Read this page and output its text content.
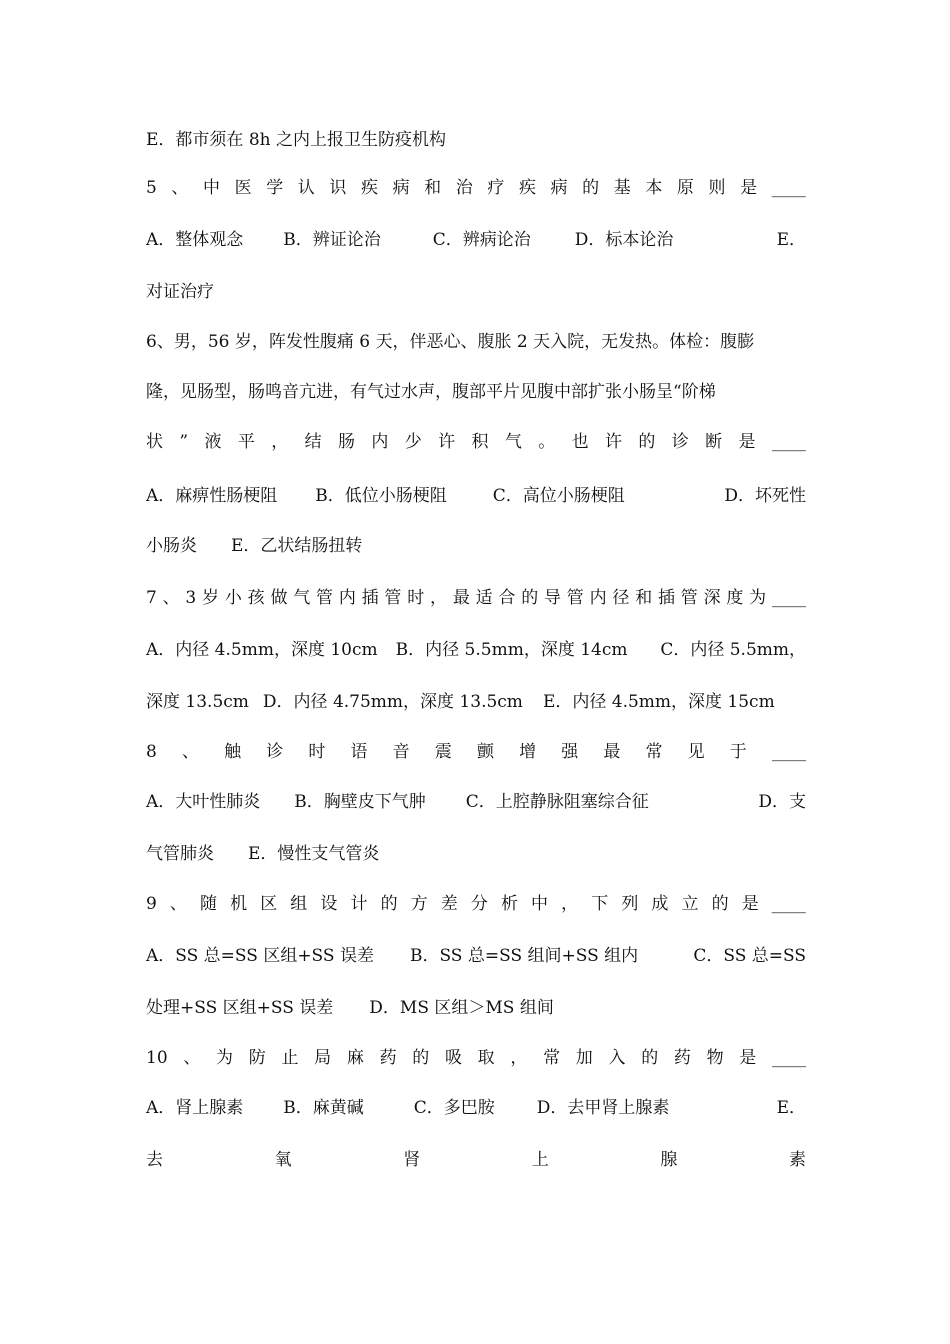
E．都市须在 8h 之内上报卫生防疫机构
5 、 中 医 学 认 识 疾 病 和 治 疗 疾 病 的 基 本 原 则 是 ____
A．整体观念 B．辨证论治	C．辨病论治	D．标本论治	E．
对证治疗
6、男，56 岁，阵发性腹痛 6 天，伴恶心、腹胀 2 天入院，无发热。体检：腹膨
隆，见肠型，肠鸣音亢进，有气过水声，腹部平片见腹中部扩张小肠呈“阶梯
状 ” 液 平 ， 结 肠 内 少 许 积 气 。 也 许 的 诊 断 是 ____
A．麻痹性肠梗阻 B．低位小肠梗阻	C．高位小肠梗阻	D．坏死性
小肠炎　　E．乙状结肠扭转
7 、 3 岁 小 孩 做 气 管 内 插 管 时 ， 最 适 合 的 导 管 内 径 和 插 管 深 度 为 ____
A．内径 4.5mm，深度 10cm B．内径 5.5mm，深度 14cm C．内径 5.5mm，
深度 13.5cm D．内径 4.75mm，深度 13.5cm E．内径 4.5mm，深度 15cm
8 、 触 诊 时 语 音 震 颤 增 强 最 常 见 于 ____
A．大叶性肺炎 B．胸壁皮下气肿 C．上腔静脉阻塞综合征	D．支
气管肺炎　　E．慢性支气管炎
9 、 随 机 区 组 设 计 的 方 差 分 析 中 ， 下 列 成 立 的 是 ____
A．SS 总=SS 区组+SS 误差 B．SS 总=SS 组间+SS 组内	C．SS 总=SS
处理+SS 区组+SS 误差 D．MS 区组＞MS 组间
10 、 为 防 止 局 麻 药 的 吸 取 ， 常 加 入 的 药 物 是 ____
A．肾上腺素 B．麻黄碱	C．多巴胺 D．去甲肾上腺素	E．
去	氧	肾	上	腺	素
